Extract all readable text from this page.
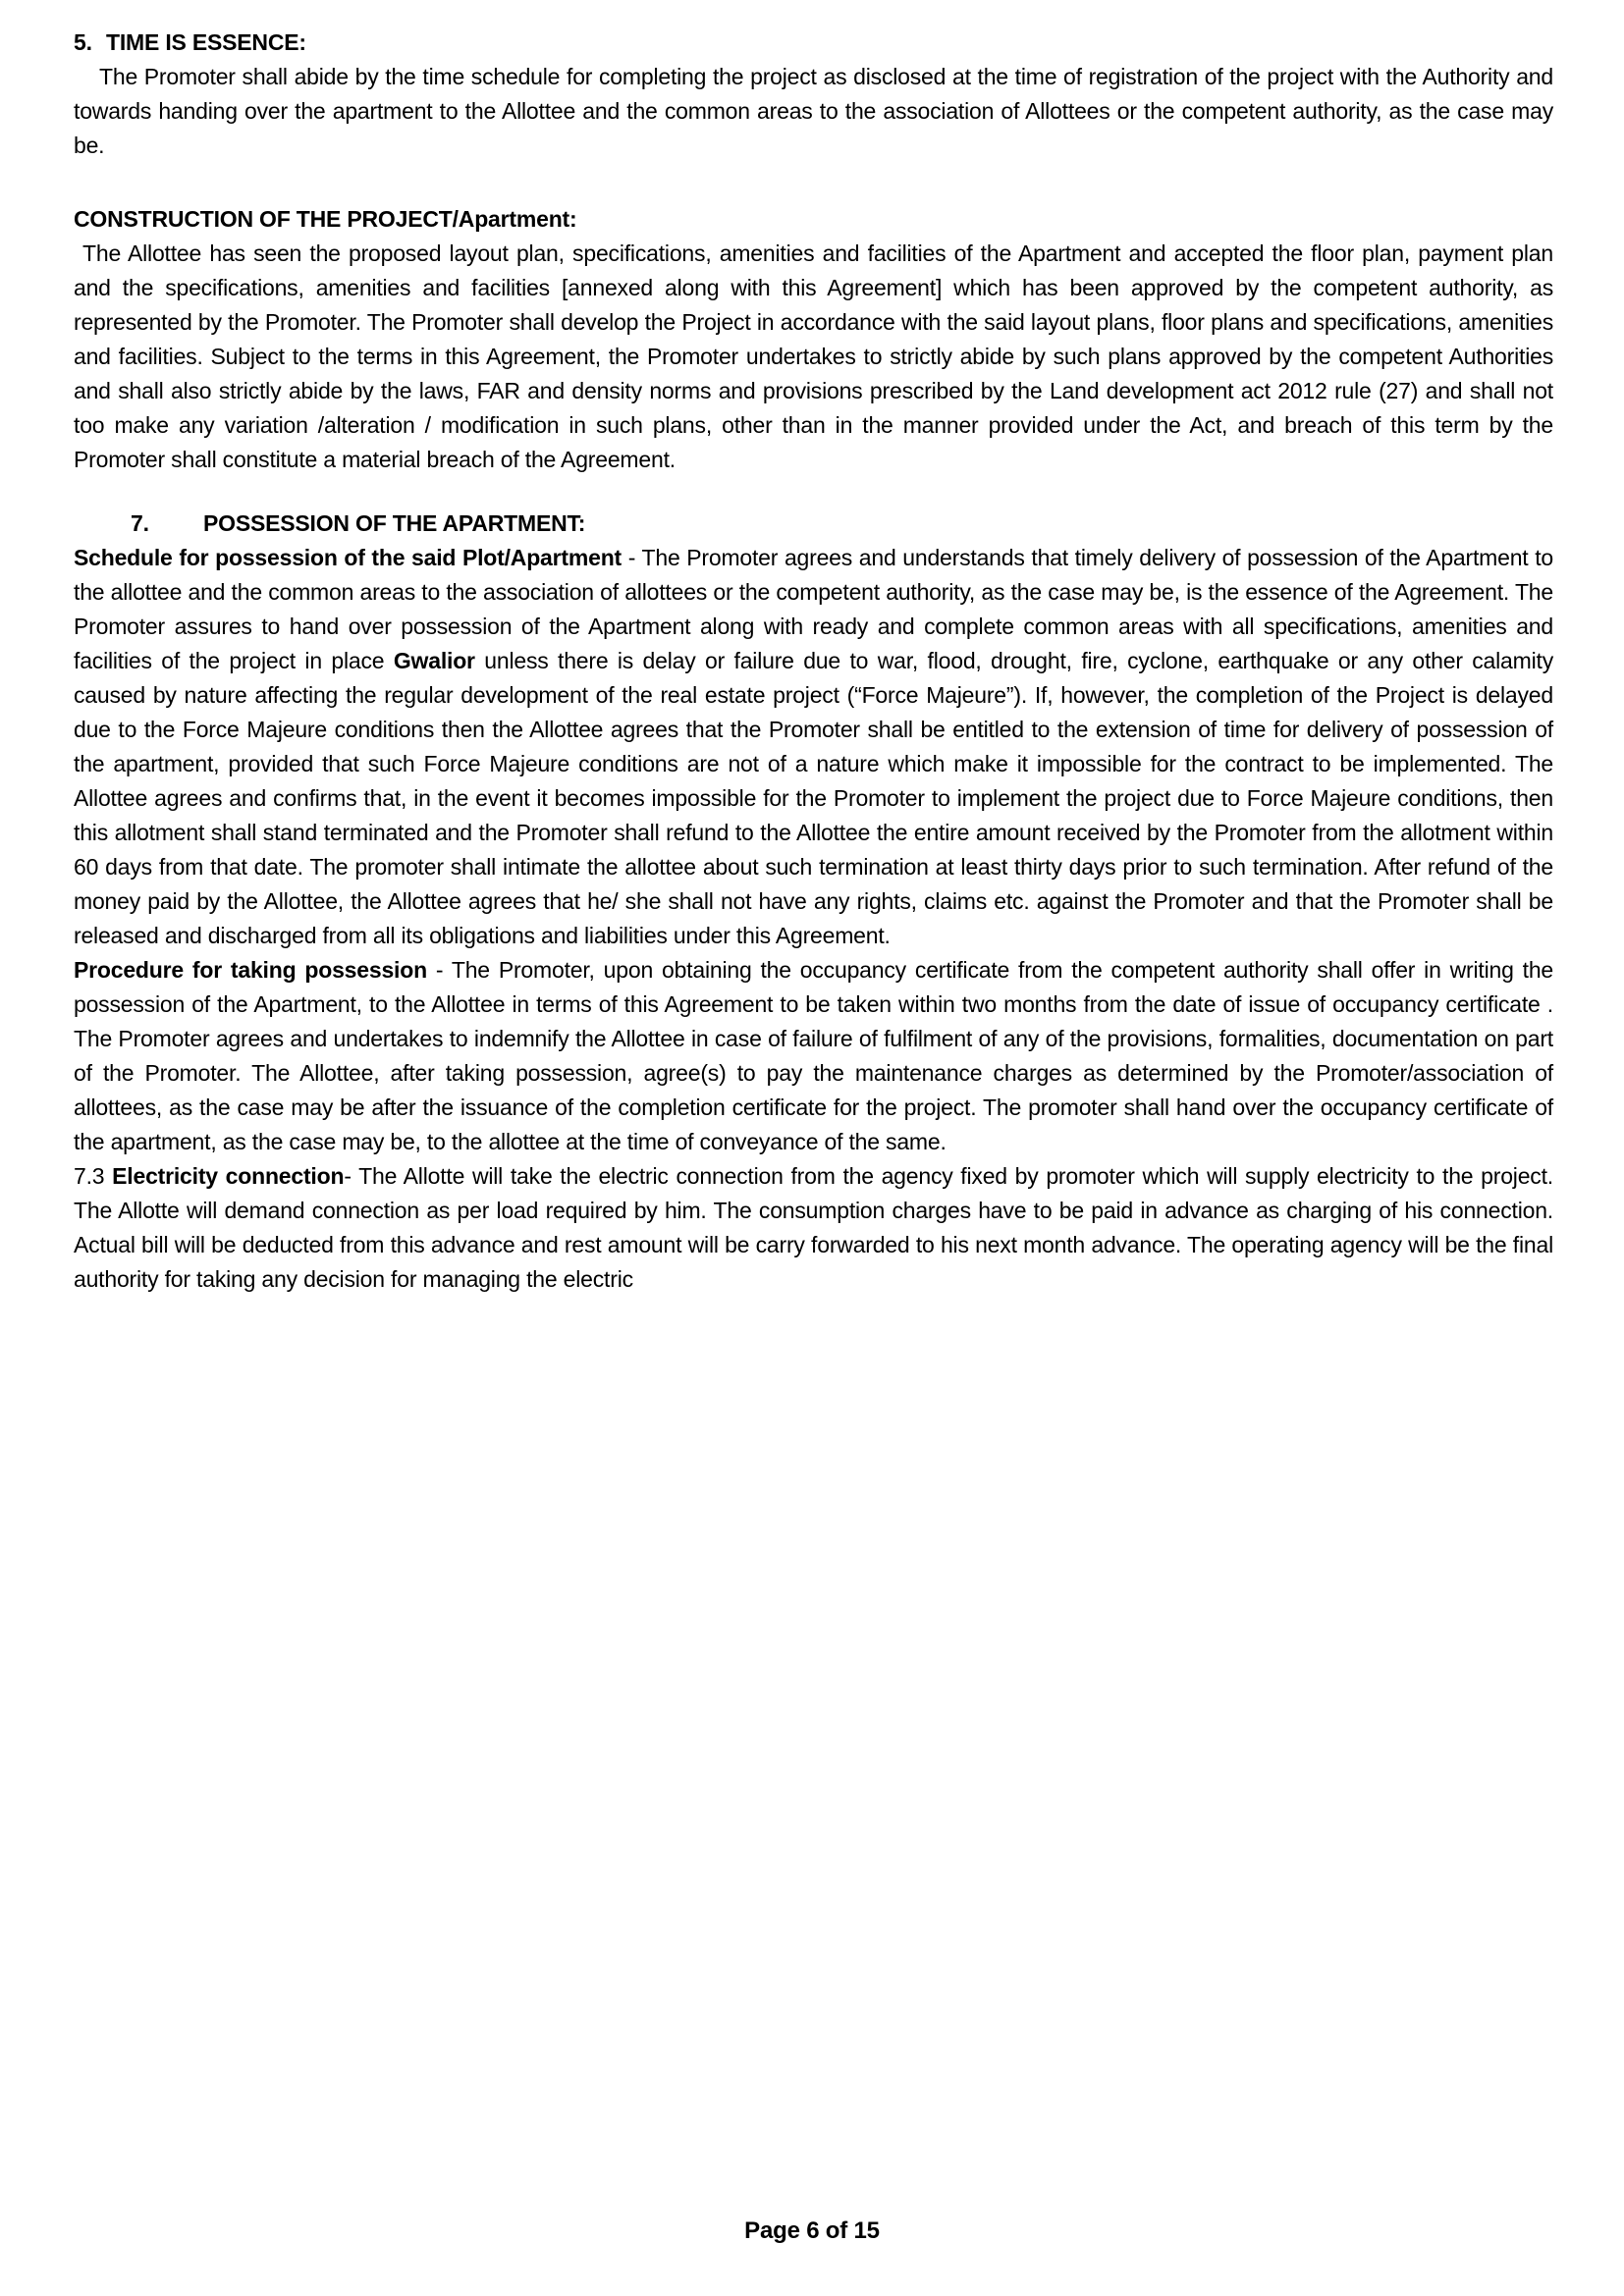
5. TIME IS ESSENCE:

The Promoter shall abide by the time schedule for completing the project as disclosed at the time of registration of the project with the Authority and towards handing over the apartment to the Allottee and the common areas to the association of Allottees or the competent authority, as the case may be.

CONSTRUCTION OF THE PROJECT/Apartment:

The Allottee has seen the proposed layout plan, specifications, amenities and facilities of the Apartment and accepted the floor plan, payment plan and the specifications, amenities and facilities [annexed along with this Agreement] which has been approved by the competent authority, as represented by the Promoter. The Promoter shall develop the Project in accordance with the said layout plans, floor plans and specifications, amenities and facilities. Subject to the terms in this Agreement, the Promoter undertakes to strictly abide by such plans approved by the competent Authorities and shall also strictly abide by the laws, FAR and density norms and provisions prescribed by the Land development act 2012 rule (27) and shall not too make any variation /alteration / modification in such plans, other than in the manner provided under the Act, and breach of this term by the Promoter shall constitute a material breach of the Agreement.

7. POSSESSION OF THE APARTMENT:

Schedule for possession of the said Plot/Apartment - The Promoter agrees and understands that timely delivery of possession of the Apartment to the allottee and the common areas to the association of allottees or the competent authority, as the case may be, is the essence of the Agreement. The Promoter assures to hand over possession of the Apartment along with ready and complete common areas with all specifications, amenities and facilities of the project in place Gwalior unless there is delay or failure due to war, flood, drought, fire, cyclone, earthquake or any other calamity caused by nature affecting the regular development of the real estate project (“Force Majeure”). If, however, the completion of the Project is delayed due to the Force Majeure conditions then the Allottee agrees that the Promoter shall be entitled to the extension of time for delivery of possession of the apartment, provided that such Force Majeure conditions are not of a nature which make it impossible for the contract to be implemented. The Allottee agrees and confirms that, in the event it becomes impossible for the Promoter to implement the project due to Force Majeure conditions, then this allotment shall stand terminated and the Promoter shall refund to the Allottee the entire amount received by the Promoter from the allotment within 60 days from that date. The promoter shall intimate the allottee about such termination at least thirty days prior to such termination. After refund of the money paid by the Allottee, the Allottee agrees that he/ she shall not have any rights, claims etc. against the Promoter and that the Promoter shall be released and discharged from all its obligations and liabilities under this Agreement.

Procedure for taking possession - The Promoter, upon obtaining the occupancy certificate from the competent authority shall offer in writing the possession of the Apartment, to the Allottee in terms of this Agreement to be taken within two months from the date of issue of occupancy certificate . The Promoter agrees and undertakes to indemnify the Allottee in case of failure of fulfilment of any of the provisions, formalities, documentation on part of the Promoter. The Allottee, after taking possession, agree(s) to pay the maintenance charges as determined by the Promoter/association of allottees, as the case may be after the issuance of the completion certificate for the project. The promoter shall hand over the occupancy certificate of the apartment, as the case may be, to the allottee at the time of conveyance of the same.

7.3 Electricity connection- The Allotte will take the electric connection from the agency fixed by promoter which will supply electricity to the project. The Allotte will demand connection as per load required by him. The consumption charges have to be paid in advance as charging of his connection. Actual bill will be deducted from this advance and rest amount will be carry forwarded to his next month advance. The operating agency will be the final authority for taking any decision for managing the electric

Page 6 of 15
